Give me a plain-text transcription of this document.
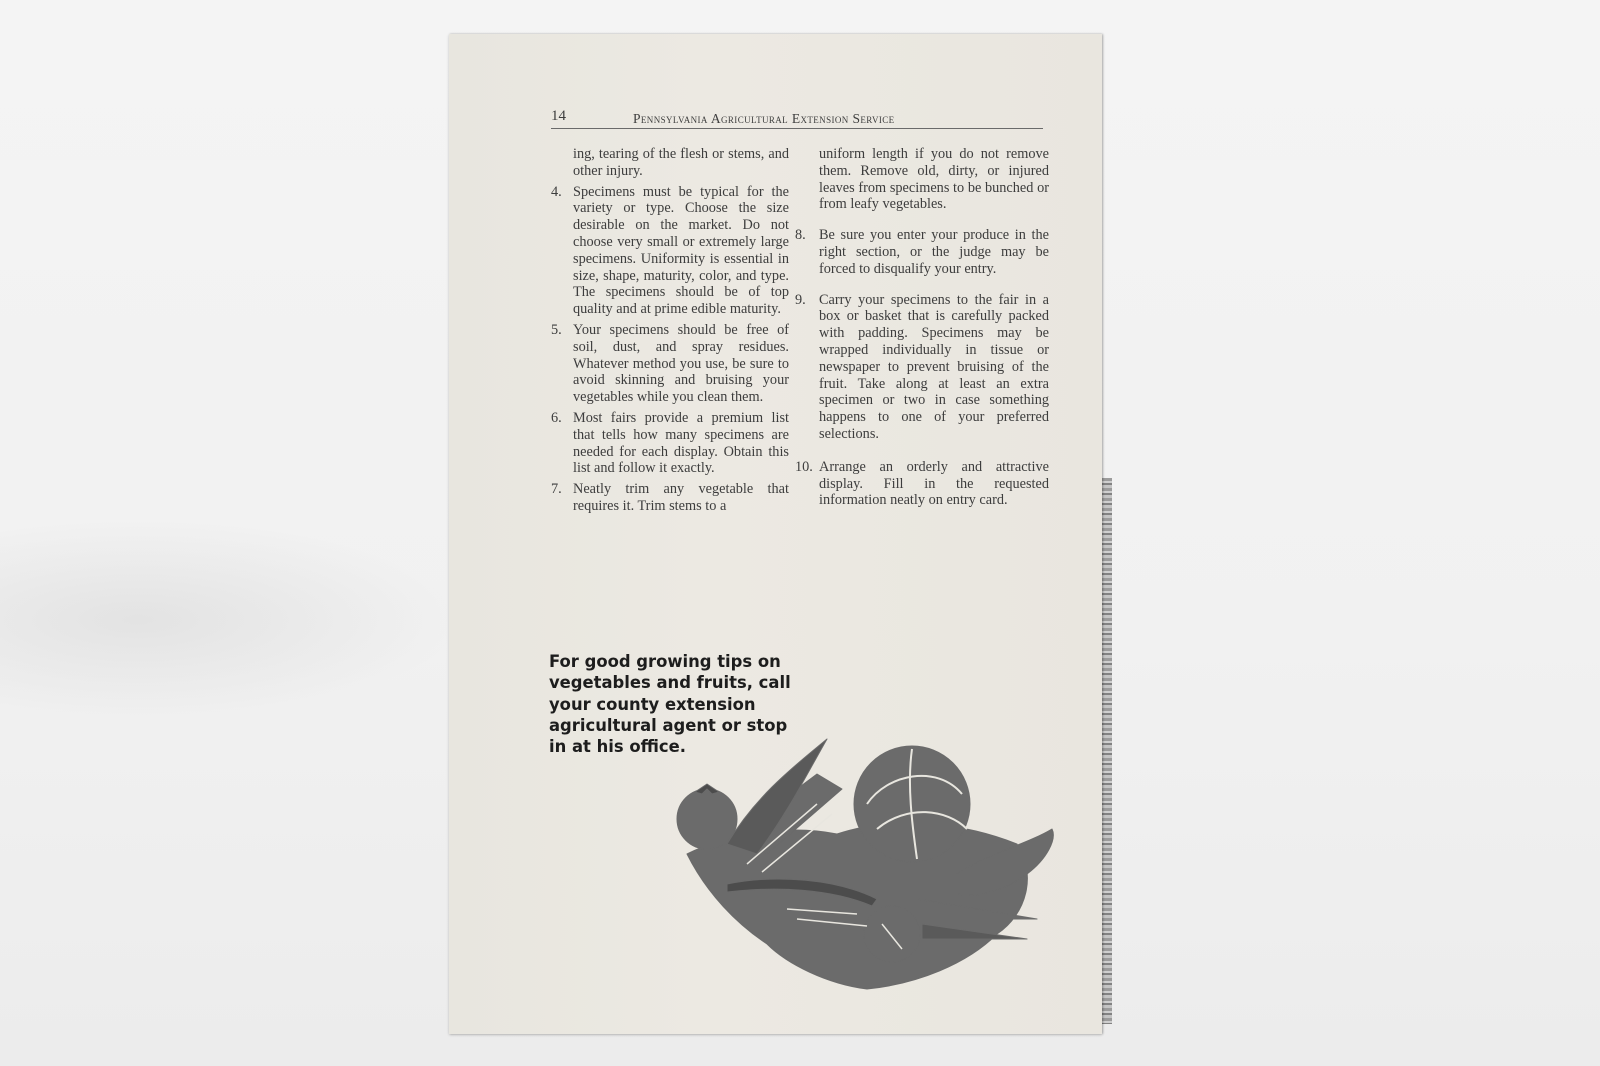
14	Pennsylvania Agricultural Extension Service
ing, tearing of the flesh or stems, and other injury.
4. Specimens must be typical for the variety or type. Choose the size desirable on the market. Do not choose very small or extremely large specimens. Uniformity is essential in size, shape, maturity, color, and type. The specimens should be of top quality and at prime edible maturity.
5. Your specimens should be free of soil, dust, and spray residues. Whatever method you use, be sure to avoid skinning and bruising your vegetables while you clean them.
6. Most fairs provide a premium list that tells how many specimens are needed for each display. Obtain this list and follow it exactly.
7. Neatly trim any vegetable that requires it. Trim stems to a
uniform length if you do not remove them. Remove old, dirty, or injured leaves from specimens to be bunched or from leafy vegetables.
8. Be sure you enter your produce in the right section, or the judge may be forced to disqualify your entry.
9. Carry your specimens to the fair in a box or basket that is carefully packed with padding. Specimens may be wrapped individually in tissue or newspaper to prevent bruising of the fruit. Take along at least an extra specimen or two in case something happens to one of your preferred selections.
10. Arrange an orderly and attractive display. Fill in the requested information neatly on entry card.
For good growing tips on vegetables and fruits, call your county extension agricultural agent or stop in at his office.
